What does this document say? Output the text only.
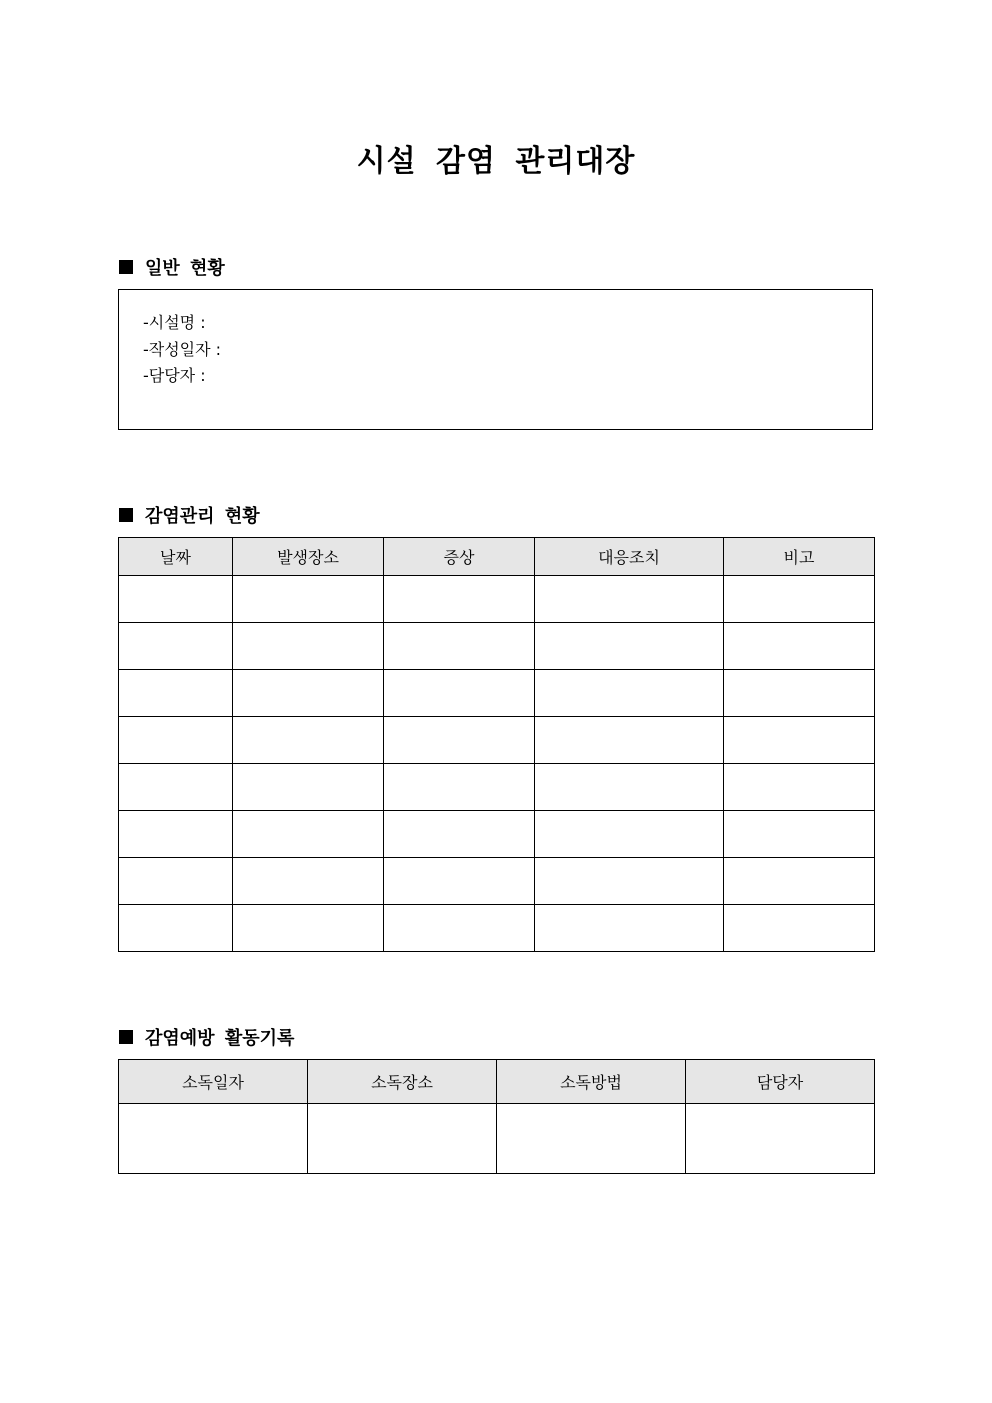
시설 감염 관리대장
일반 현황
-시설명 :
-작성일자 :
-담당자 :
감염관리 현황
날짜	발생장소	증상	대응조치	비고

감염예방 활동기록
소독일자	소독장소	소독방법	담당자
